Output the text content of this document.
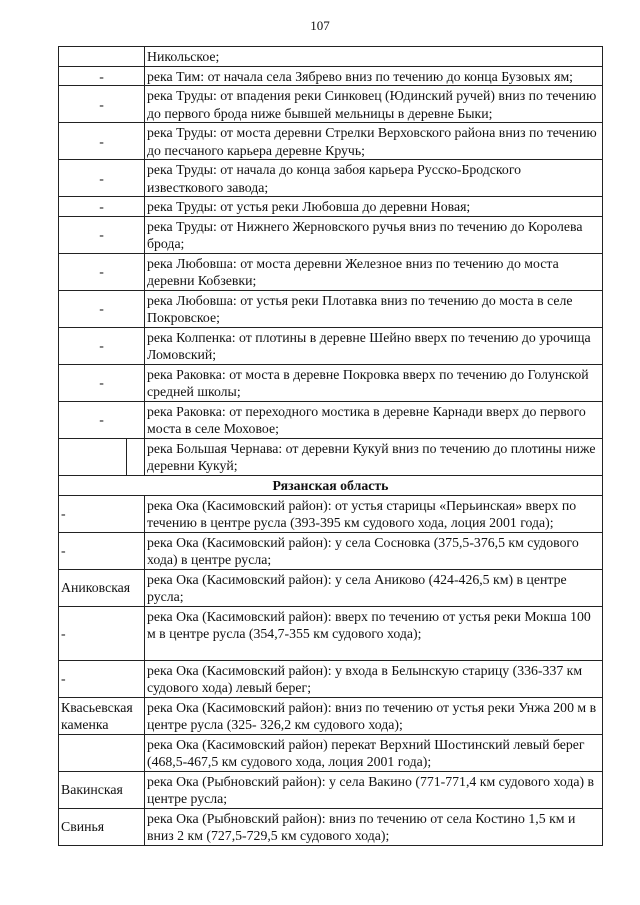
107
		Никольское;
-		река Тим: от начала села Зябрево вниз по течению до конца Бузовых ям;
-		река Труды: от впадения реки Синковец (Юдинский ручей) вниз по течению до первого брода ниже бывшей мельницы в деревне Быки;
-		река Труды: от моста деревни Стрелки Верховского района вниз по течению до песчаного карьера деревне Кручь;
-		река Труды: от начала до конца забоя карьера Русско-Бродского известкового завода;
-		река Труды: от устья реки Любовша до деревни Новая;
-		река Труды: от Нижнего Жерновского ручья вниз по течению до Королева брода;
-		река Любовша: от моста деревни Железное вниз по течению до моста деревни Кобзевки;
-		река Любовша: от устья реки Плотавка вниз по течению до моста в селе Покровское;
-		река Колпенка: от плотины в деревне Шейно вверх по течению до урочища Ломовский;
-		река Раковка: от моста в деревне Покровка вверх по течению до Голунской средней школы;
-		река Раковка: от переходного мостика в деревне Карнади вверх до первого моста в селе Моховое;
		река Большая Чернава: от деревни Кукуй вниз по течению до плотины ниже деревни Кукуй;
Рязанская область		
-		река Ока (Касимовский район): от устья старицы «Перьинская» вверх по течению в центре русла (393-395 км судового хода, лоция 2001 года);
-		река Ока (Касимовский район): у села Сосновка (375,5-376,5 км судового хода) в центре русла;
Аниковская		река Ока (Касимовский район): у села Аниково (424-426,5 км) в центре русла;
-		река Ока (Касимовский район): вверх по течению от устья реки Мокша 100 м в центре русла (354,7-355 км судового хода);
-		река Ока (Касимовский район): у входа в Белынскую старицу (336-337 км судового хода) левый берег;
Квасьевская каменка		река Ока (Касимовский район): вниз по течению от устья реки Унжа 200 м в центре русла (325- 326,2 км судового хода);
		река Ока (Касимовский район) перекат Верхний Шостинский левый берег (468,5-467,5 км судового хода, лоция 2001 года);
Вакинская		река Ока (Рыбновский район): у села Вакино (771-771,4 км судового хода) в центре русла;
Свинья		река Ока (Рыбновский район): вниз по течению от села Костино 1,5 км и вниз 2 км (727,5-729,5 км судового хода);
